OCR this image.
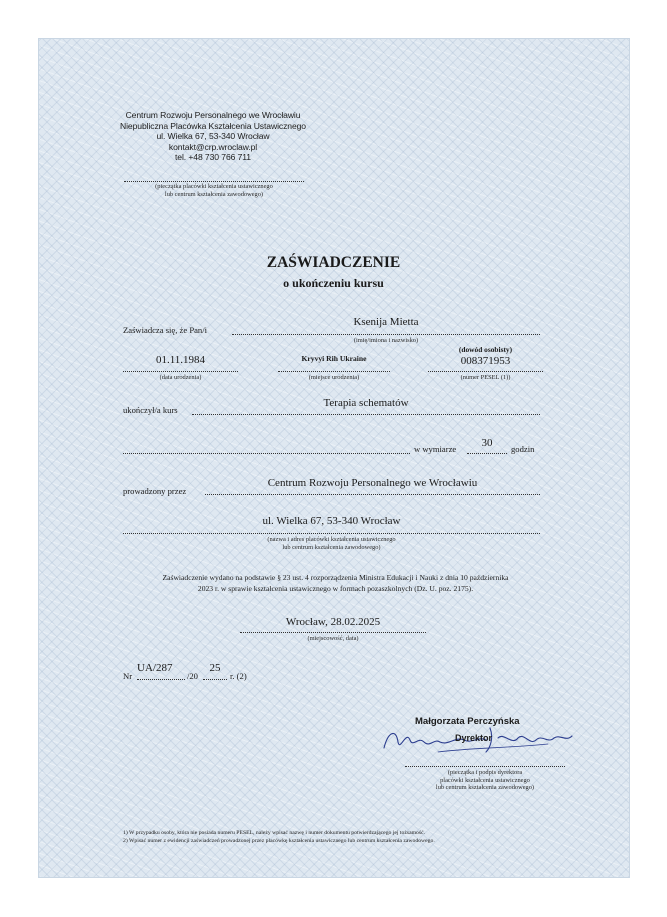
Centrum Rozwoju Personalnego we Wrocławiu
Niepubliczna Placówka Kształcenia Ustawicznego
ul. Wielka 67, 53-340 Wrocław
kontakt@crp.wroclaw.pl
tel. +48 730 766 711
(pieczątka placówki kształcenia ustawicznego
lub centrum kształcenia zawodowego)
ZAŚWIADCZENIE
o ukończeniu kursu
Zaświadcza się, że Pan/i
Ksenija Mietta
(imię/imiona i nazwisko)
01.11.1984
(data urodzenia)
Kryvyi Rih Ukraine
(miejsce urodzenia)
(dowód osobisty)
008371953
(numer PESEL (1))
ukończył/a kurs
Terapia schematów
w wymiarze	30	godzin
prowadzony przez
Centrum Rozwoju Personalnego we Wrocławiu
ul. Wielka 67, 53-340 Wrocław
(nazwa i adres placówki kształcenia ustawicznego
lub centrum kształcenia zawodowego)
Zaświadczenie wydano na podstawie § 23 ust. 4 rozporządzenia Ministra Edukacji i Nauki z dnia 10 października
2023 r. w sprawie kształcenia ustawicznego w formach pozaszkolnych (Dz. U. poz. 2175).
Wrocław, 28.02.2025
(miejscowość, data)
Nr
UA/287
/20
25
r. (2)
Małgorzata Perczyńska
Dyrektor
(pieczątka i podpis dyrektora
placówki kształcenia ustawicznego
lub centrum kształcenia zawodowego)
1) W przypadku osoby, która nie posiada numeru PESEL, należy wpisać nazwę i numer dokumentu potwierdzającego jej tożsamość.
2) Wpisać numer z ewidencji zaświadczeń prowadzonej przez placówkę kształcenia ustawicznego lub centrum kształcenia zawodowego.
